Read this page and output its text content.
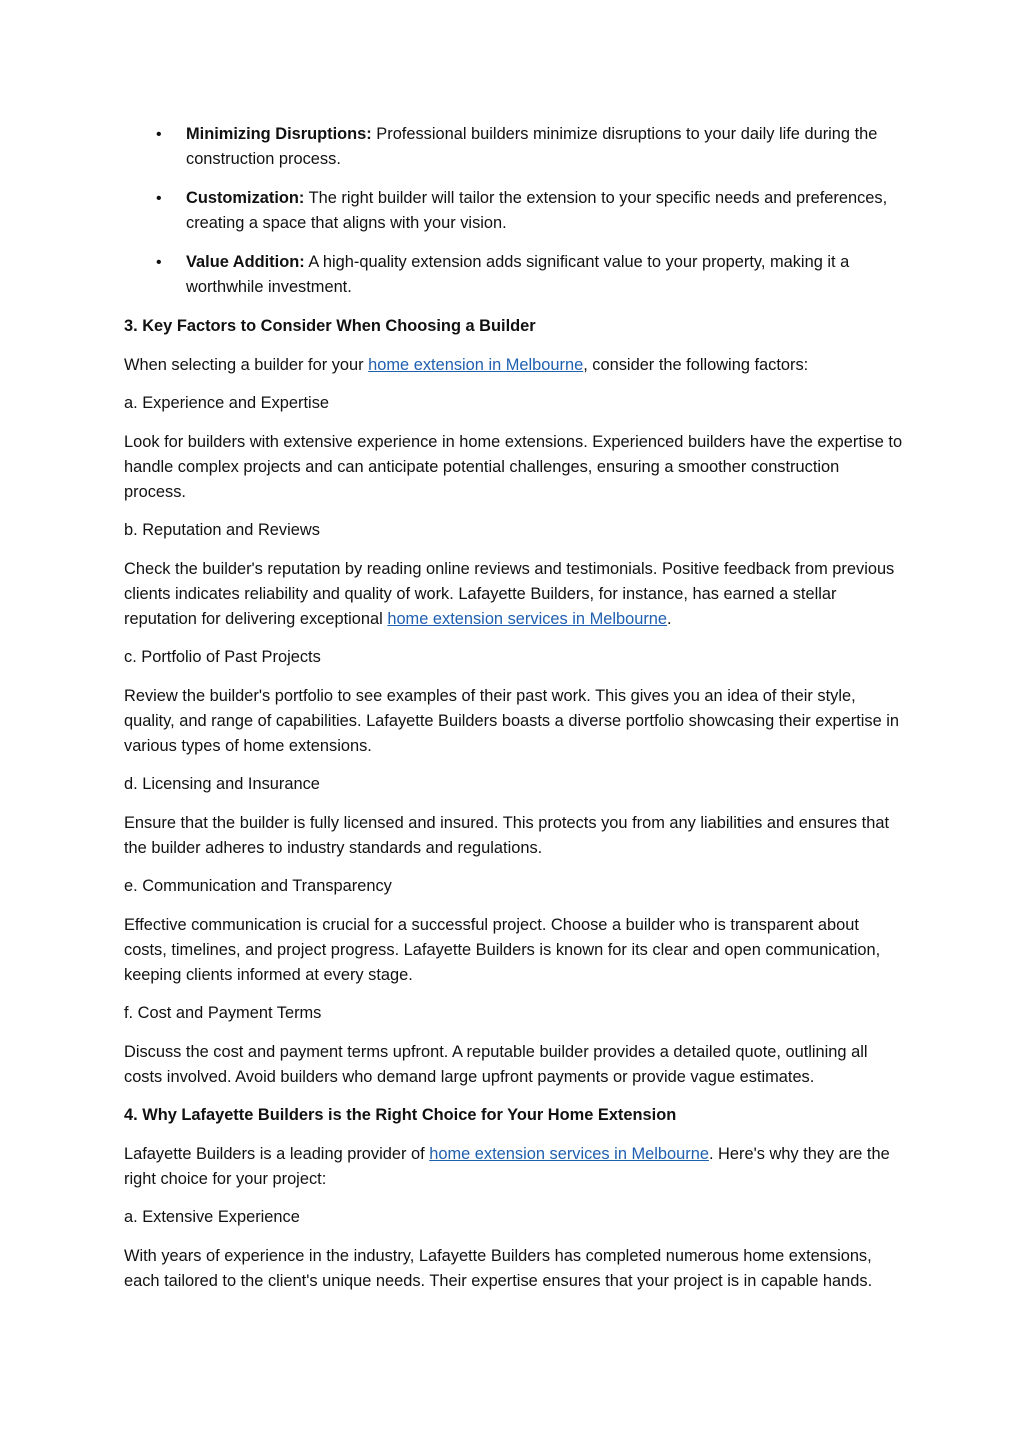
• Minimizing Disruptions: Professional builders minimize disruptions to your daily life during the construction process.
• Customization: The right builder will tailor the extension to your specific needs and preferences, creating a space that aligns with your vision.
• Value Addition: A high-quality extension adds significant value to your property, making it a worthwhile investment.

3. Key Factors to Consider When Choosing a Builder

When selecting a builder for your home extension in Melbourne, consider the following factors:

a. Experience and Expertise

Look for builders with extensive experience in home extensions. Experienced builders have the expertise to handle complex projects and can anticipate potential challenges, ensuring a smoother construction process.

b. Reputation and Reviews

Check the builder's reputation by reading online reviews and testimonials. Positive feedback from previous clients indicates reliability and quality of work. Lafayette Builders, for instance, has earned a stellar reputation for delivering exceptional home extension services in Melbourne.

c. Portfolio of Past Projects

Review the builder's portfolio to see examples of their past work. This gives you an idea of their style, quality, and range of capabilities. Lafayette Builders boasts a diverse portfolio showcasing their expertise in various types of home extensions.

d. Licensing and Insurance

Ensure that the builder is fully licensed and insured. This protects you from any liabilities and ensures that the builder adheres to industry standards and regulations.

e. Communication and Transparency

Effective communication is crucial for a successful project. Choose a builder who is transparent about costs, timelines, and project progress. Lafayette Builders is known for its clear and open communication, keeping clients informed at every stage.

f. Cost and Payment Terms

Discuss the cost and payment terms upfront. A reputable builder provides a detailed quote, outlining all costs involved. Avoid builders who demand large upfront payments or provide vague estimates.

4. Why Lafayette Builders is the Right Choice for Your Home Extension

Lafayette Builders is a leading provider of home extension services in Melbourne. Here's why they are the right choice for your project:

a. Extensive Experience

With years of experience in the industry, Lafayette Builders has completed numerous home extensions, each tailored to the client's unique needs. Their expertise ensures that your project is in capable hands.
